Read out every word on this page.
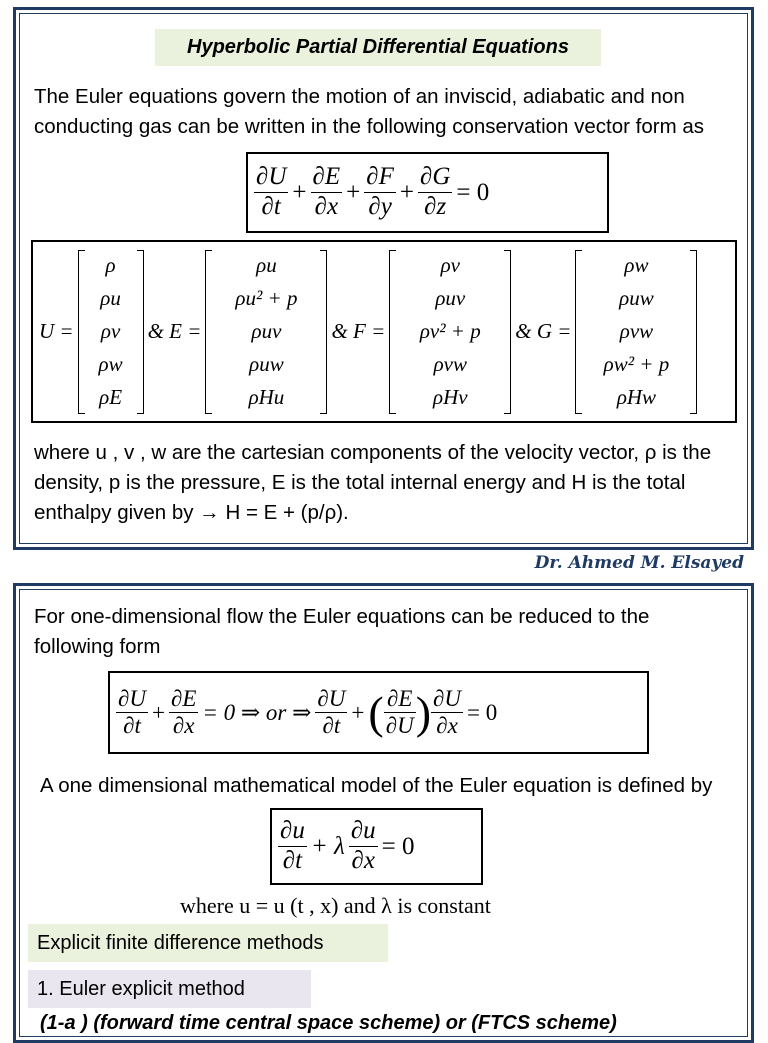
Hyperbolic Partial Differential Equations
The Euler equations govern the motion of an inviscid, adiabatic and non conducting gas can be written in the following conservation vector form as
$\frac{\partial U}{\partial t} + \frac{\partial E}{\partial x} + \frac{\partial F}{\partial y} + \frac{\partial G}{\partial z} = 0$
U =
ρ
ρu
ρv
ρw
ρE
& E =
ρu
ρu² + p
ρuv
ρuw
ρHu
& F =
ρv
ρuv
ρv² + p
ρvw
ρHv
& G =
ρw
ρuw
ρvw
ρw² + p
ρHw
where u , v , w are the cartesian components of the velocity vector, ρ is the density, p is the pressure, E is the total internal energy and H is the total enthalpy given by → H = E + (p/ρ).
Dr. Ahmed M. Elsayed
For one-dimensional flow the Euler equations can be reduced to the following form
$\frac{\partial U}{\partial t} + \frac{\partial E}{\partial x} = 0$ ⇒ or ⇒ $\frac{\partial U}{\partial t}$ + ( $\frac{\partial E}{\partial U}$ ) $\frac{\partial U}{\partial x} = 0$
A one dimensional mathematical model of the Euler equation is defined by
$\frac{\partial u}{\partial t} + \lambda \frac{\partial u}{\partial x} = 0$
where u = u (t , x) and λ is constant
Explicit finite difference methods
1. Euler explicit method
(1-a ) (forward time central space scheme) or (FTCS scheme)
